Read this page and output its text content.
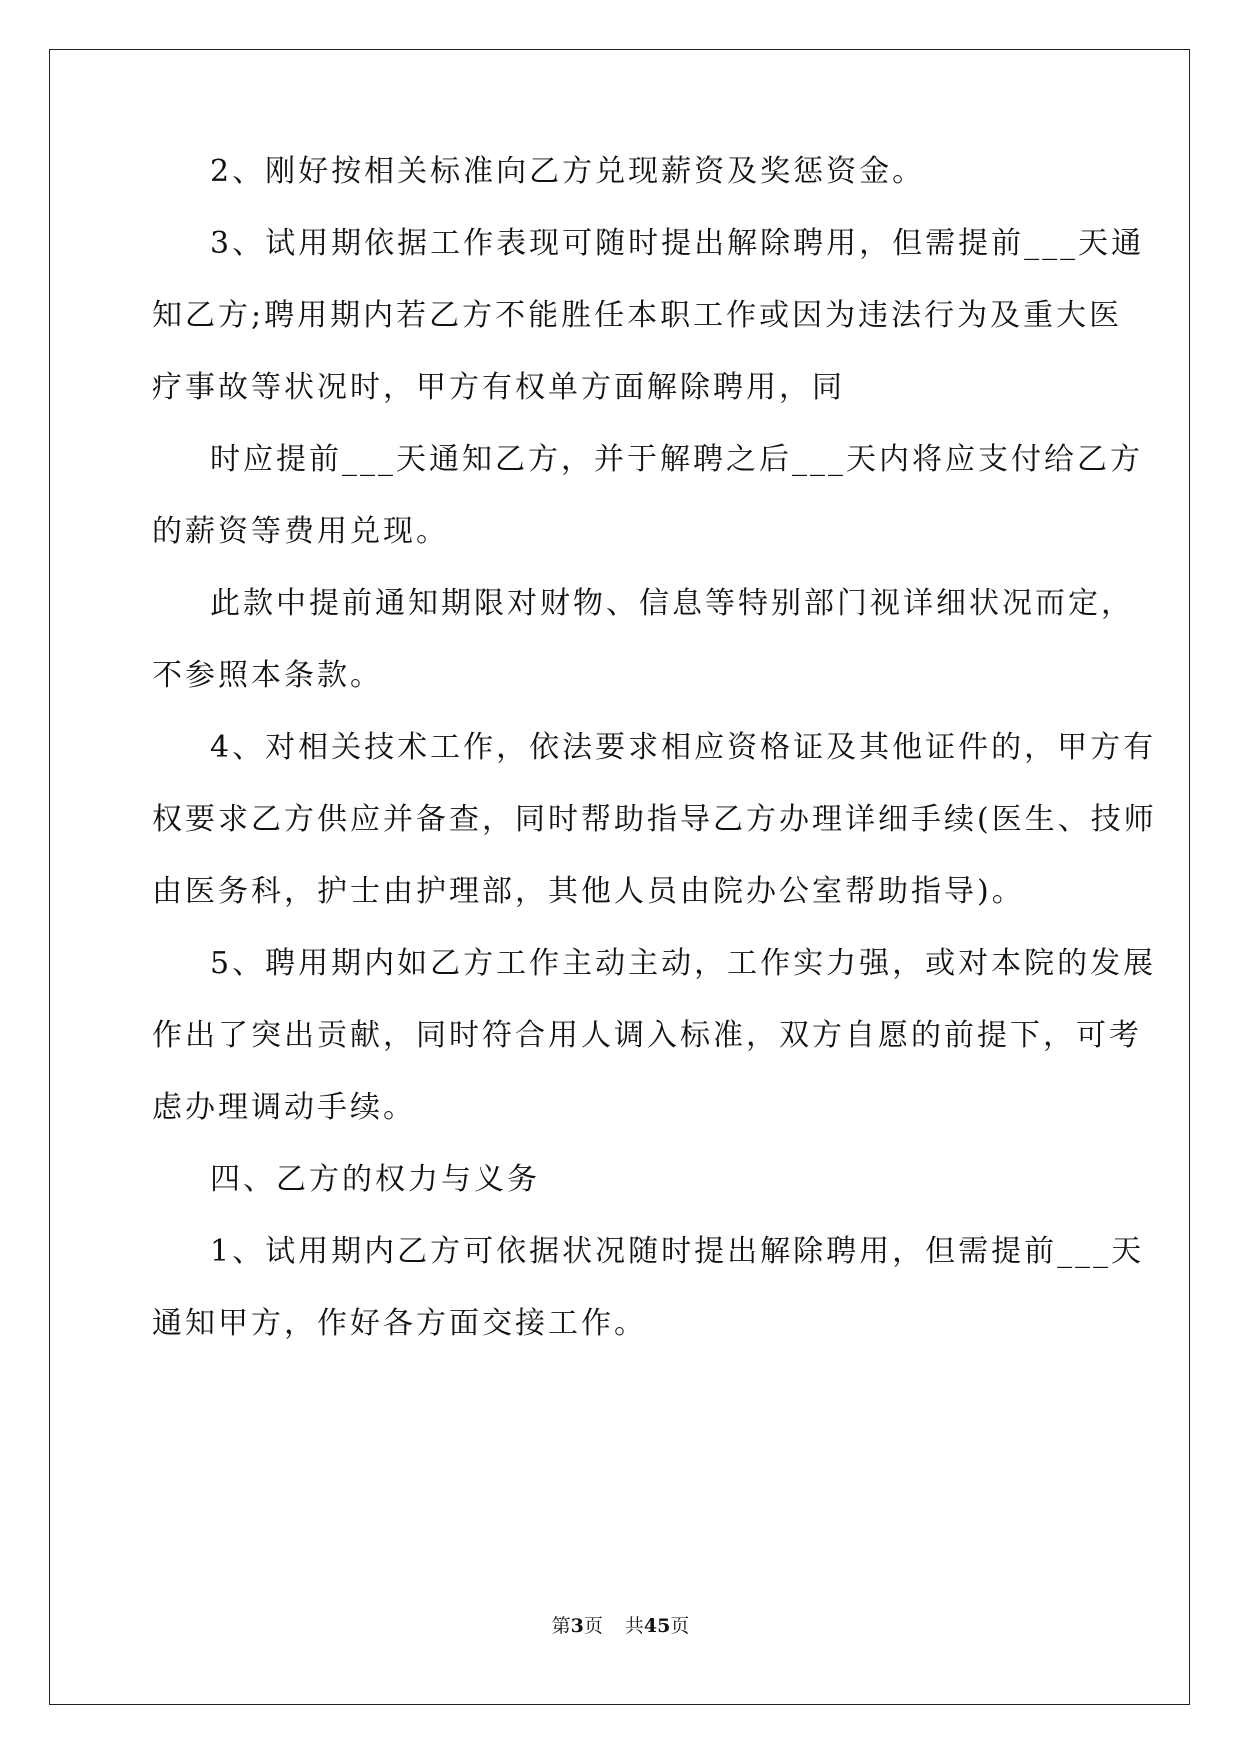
2、刚好按相关标准向乙方兑现薪资及奖惩资金。
3、试用期依据工作表现可随时提出解除聘用，但需提前___天通
知乙方;聘用期内若乙方不能胜任本职工作或因为违法行为及重大医
疗事故等状况时，甲方有权单方面解除聘用，同
时应提前___天通知乙方，并于解聘之后___天内将应支付给乙方
的薪资等费用兑现。
此款中提前通知期限对财物、信息等特别部门视详细状况而定，
不参照本条款。
4、对相关技术工作，依法要求相应资格证及其他证件的，甲方有
权要求乙方供应并备查，同时帮助指导乙方办理详细手续(医生、技师
由医务科，护士由护理部，其他人员由院办公室帮助指导)。
5、聘用期内如乙方工作主动主动，工作实力强，或对本院的发展
作出了突出贡献，同时符合用人调入标准，双方自愿的前提下，可考
虑办理调动手续。
四、乙方的权力与义务
1、试用期内乙方可依据状况随时提出解除聘用，但需提前___天
通知甲方，作好各方面交接工作。
第3页 共45页
